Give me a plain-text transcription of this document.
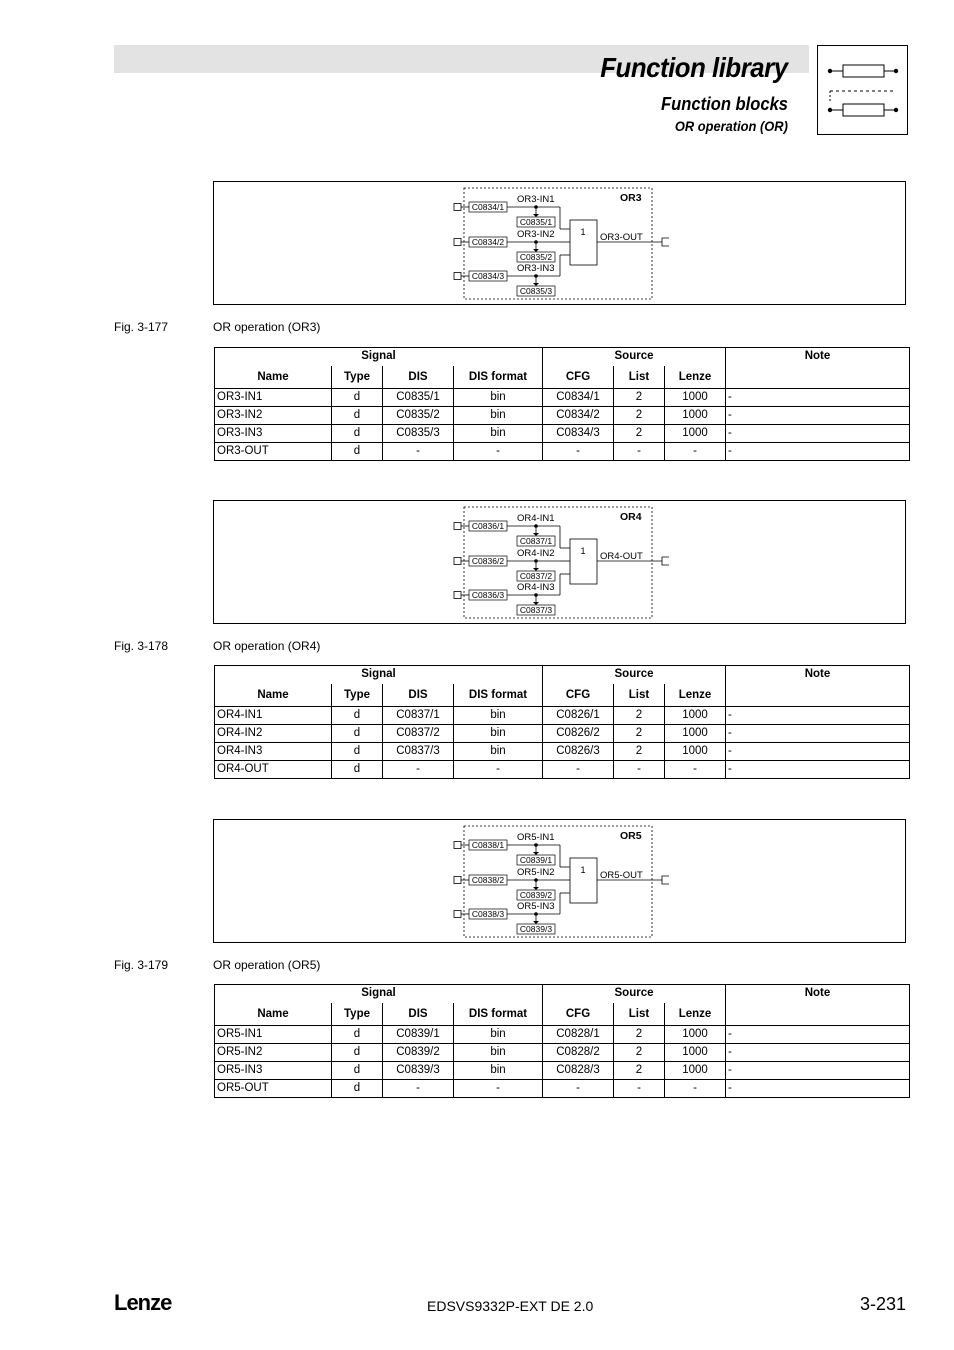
Function library
Function blocks
OR operation (OR)
OR3
1 OR3-OUT
C0834/1
OR3-IN1
C0835/1
C0834/2
OR3-IN2
C0835/2
C0834/3
OR3-IN3
C0835/3
Fig. 3-177	OR operation (OR3)
OR4
1 OR4-OUT
C0836/1
OR4-IN1
C0837/1
C0836/2
OR4-IN2
C0837/2
C0836/3
OR4-IN3
C0837/3
Fig. 3-178	OR operation (OR4)
OR5
1 OR5-OUT
C0838/1
OR5-IN1
C0839/1
C0838/2
OR5-IN2
C0839/2
C0838/3
OR5-IN3
C0839/3
Fig. 3-179	OR operation (OR5)
Signal				Source			Note
Name	Type	DIS	DIS format	CFG	List	Lenze	
OR3-IN1	d	C0835/1	bin	C0834/1	2	1000	-
OR3-IN2	d	C0835/2	bin	C0834/2	2	1000	-
OR3-IN3	d	C0835/3	bin	C0834/3	2	1000	-
OR3-OUT	d	-	-	-	-	-	-
Signal				Source			Note
Name	Type	DIS	DIS format	CFG	List	Lenze	
OR4-IN1	d	C0837/1	bin	C0826/1	2	1000	-
OR4-IN2	d	C0837/2	bin	C0826/2	2	1000	-
OR4-IN3	d	C0837/3	bin	C0826/3	2	1000	-
OR4-OUT	d	-	-	-	-	-	-
Signal				Source			Note
Name	Type	DIS	DIS format	CFG	List	Lenze	
OR5-IN1	d	C0839/1	bin	C0828/1	2	1000	-
OR5-IN2	d	C0839/2	bin	C0828/2	2	1000	-
OR5-IN3	d	C0839/3	bin	C0828/3	2	1000	-
OR5-OUT	d	-	-	-	-	-	-
Lenze	EDSVS9332P-EXT DE 2.0	3-231
